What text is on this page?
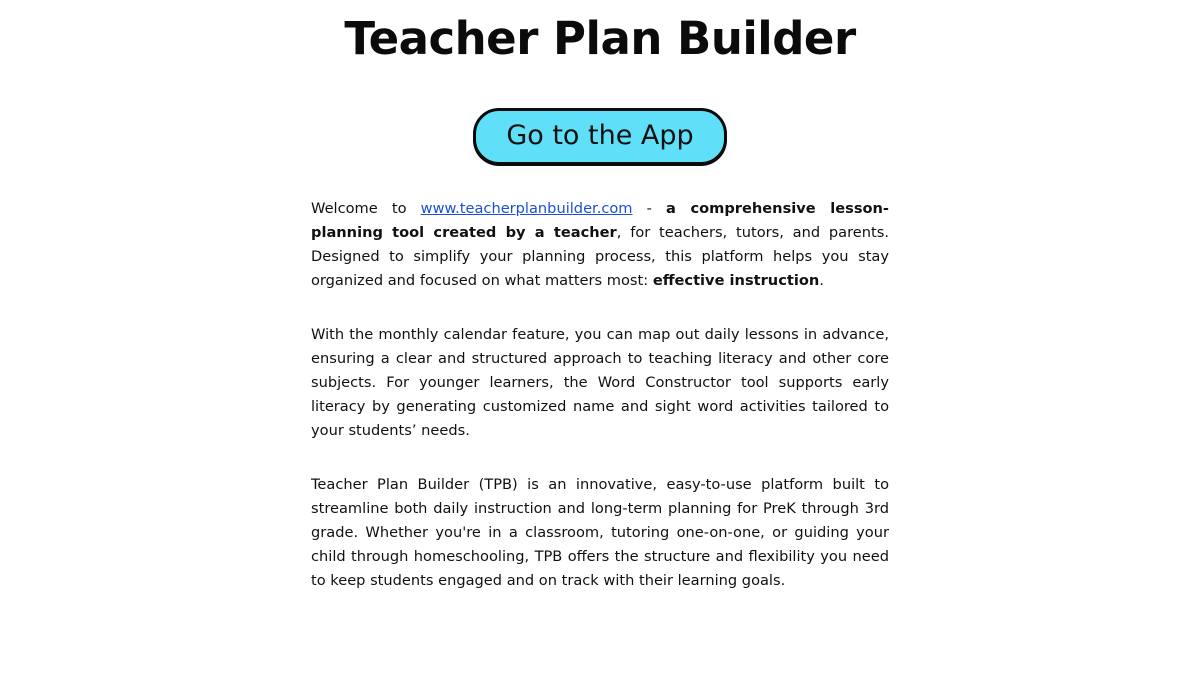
Teacher Plan Builder
Go to the App

Welcome to www.teacherplanbuilder.com - a comprehensive lesson-planning tool created by a teacher, for teachers, tutors, and parents. Designed to simplify your planning process, this platform helps you stay organized and focused on what matters most: effective instruction.

With the monthly calendar feature, you can map out daily lessons in advance, ensuring a clear and structured approach to teaching literacy and other core subjects. For younger learners, the Word Constructor tool supports early literacy by generating customized name and sight word activities tailored to your students’ needs.

Teacher Plan Builder (TPB) is an innovative, easy-to-use platform built to streamline both daily instruction and long-term planning for PreK through 3rd grade. Whether you're in a classroom, tutoring one-on-one, or guiding your child through homeschooling, TPB offers the structure and flexibility you need to keep students engaged and on track with their learning goals.
